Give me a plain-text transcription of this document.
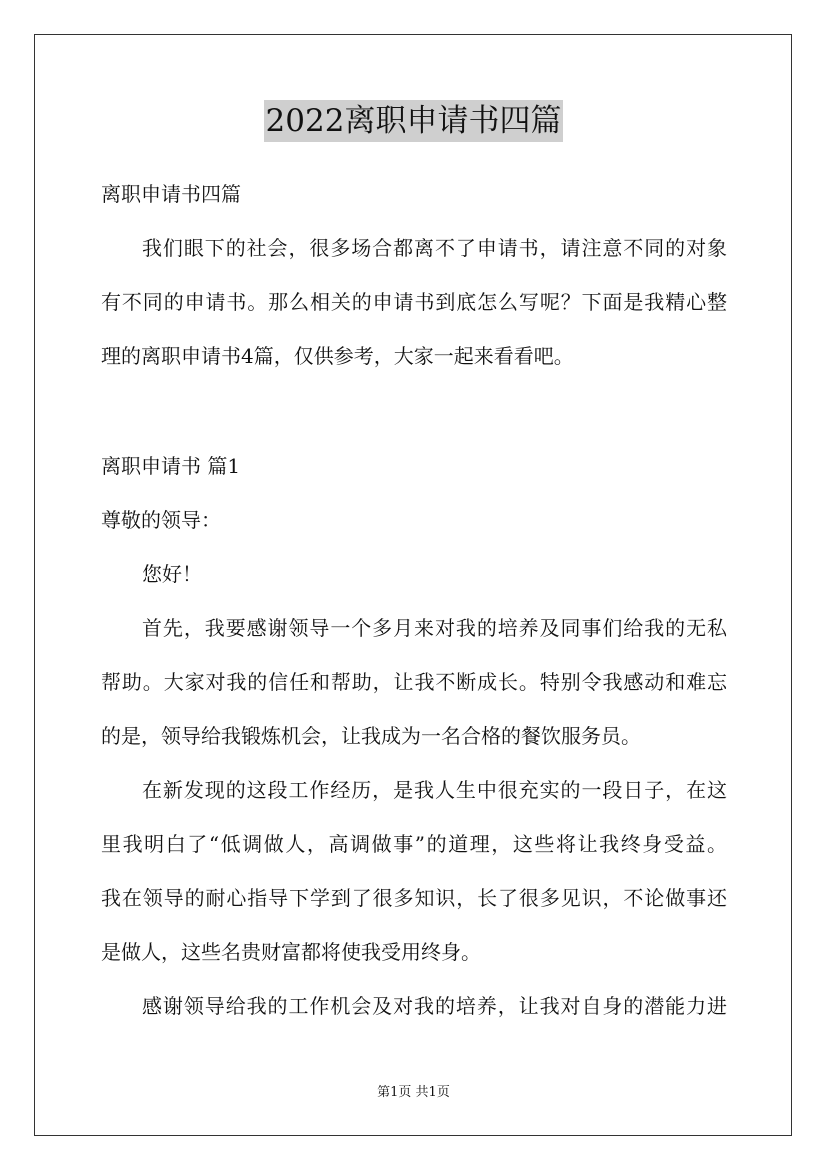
2022离职申请书四篇
离职申请书四篇
我们眼下的社会，很多场合都离不了申请书，请注意不同的对象
有不同的申请书。那么相关的申请书到底怎么写呢？下面是我精心整
理的离职申请书4篇，仅供参考，大家一起来看看吧。
离职申请书 篇1
尊敬的领导：
您好！
首先，我要感谢领导一个多月来对我的培养及同事们给我的无私
帮助。大家对我的信任和帮助，让我不断成长。特别令我感动和难忘
的是，领导给我锻炼机会，让我成为一名合格的餐饮服务员。
在新发现的这段工作经历，是我人生中很充实的一段日子，在这
里我明白了“低调做人，高调做事”的道理，这些将让我终身受益。
我在领导的耐心指导下学到了很多知识，长了很多见识，不论做事还
是做人，这些名贵财富都将使我受用终身。
感谢领导给我的工作机会及对我的培养，让我对自身的潜能力进
第1页 共1页
